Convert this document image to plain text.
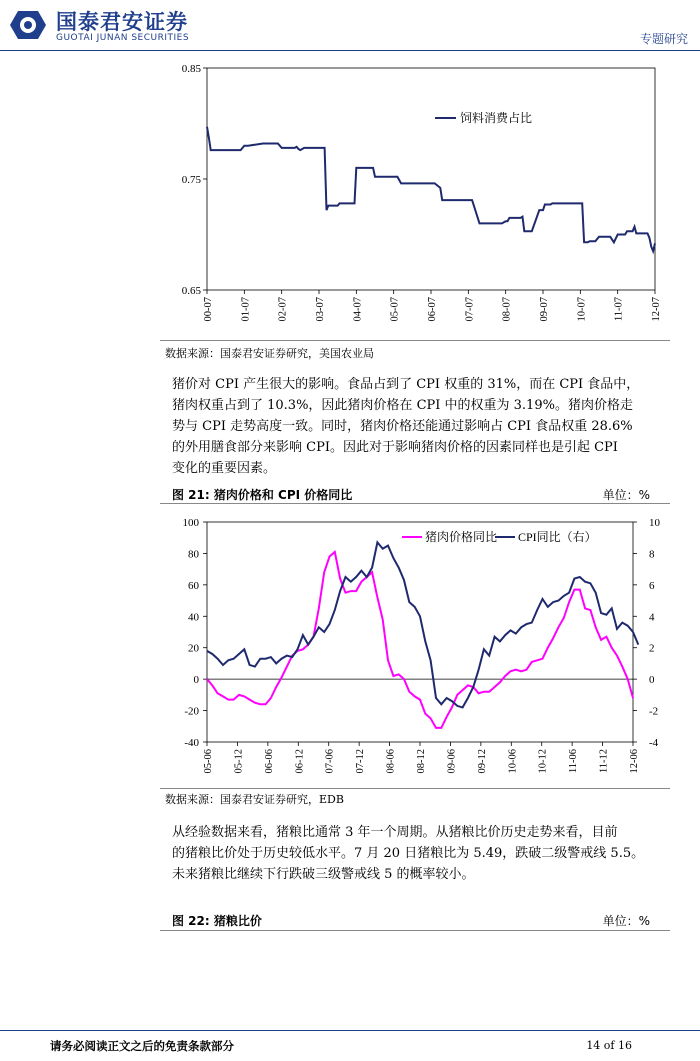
国泰君安证券
GUOTAI JUNAN SECURITIES	专题研究
0.85
0.75
0.65
00-07	01-07	02-07	03-07	04-07	05-07	06-07	07-07	08-07	09-07	10-07	11-07	12-07
饲料消费占比
数据来源：国泰君安证券研究，美国农业局
猪价对 CPI 产生很大的影响。食品占到了 CPI 权重的 31%，而在 CPI 食品中，
猪肉权重占到了 10.3%，因此猪肉价格在 CPI 中的权重为 3.19%。猪肉价格走
势与 CPI 走势高度一致。同时，猪肉价格还能通过影响占 CPI 食品权重 28.6%
的外用膳食部分来影响 CPI。因此对于影响猪肉价格的因素同样也是引起 CPI
变化的重要因素。
图 21: 猪肉价格和 CPI 价格同比	单位：%
100
80
60
40
20
0
-20
-40
10
8
6
4
2
0
-2
-4
05-06 05-12 06-06 06-12 07-06 07-12 08-06 08-12 09-06 09-12 10-06 10-12 11-06 11-12 12-06
猪肉价格同比 CPI同比（右）
数据来源：国泰君安证券研究，EDB
从经验数据来看，猪粮比通常 3 年一个周期。从猪粮比价历史走势来看，目前
的猪粮比价处于历史较低水平。7 月 20 日猪粮比为 5.49，跌破二级警戒线 5.5。
未来猪粮比继续下行跌破三级警戒线 5 的概率较小。
图 22: 猪粮比价	单位：%
请务必阅读正文之后的免责条款部分	14 of 16
